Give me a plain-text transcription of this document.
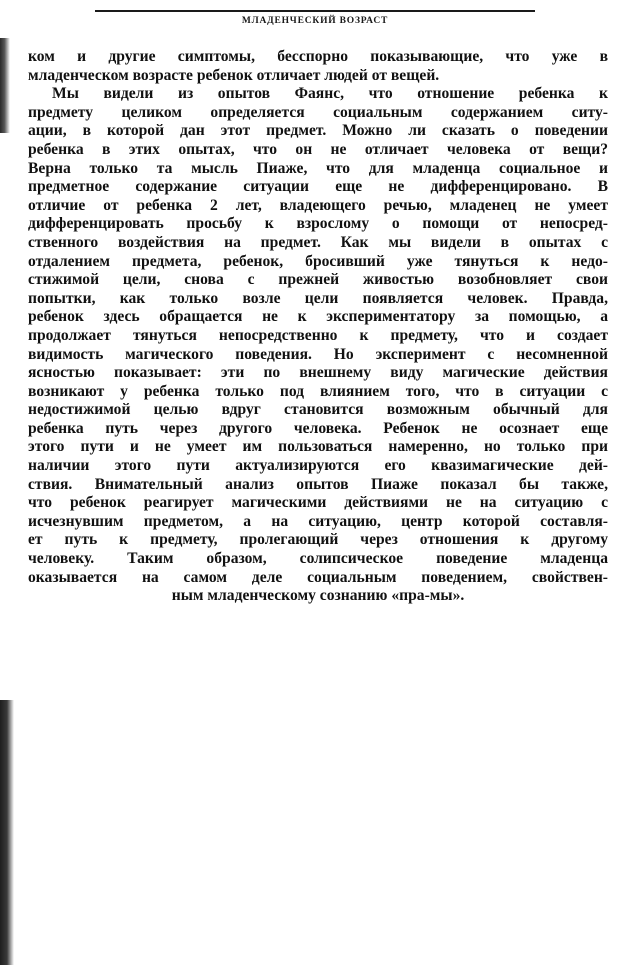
МЛАДЕНЧЕСКИЙ ВОЗРАСТ
ком и другие симптомы, бесспорно показывающие, что уже в
младенческом возрасте ребенок отличает людей от вещей.
Мы видели из опытов Фаянс, что отношение ребенка к
предмету целиком определяется социальным содержанием ситу-
ации, в которой дан этот предмет. Можно ли сказать о поведении
ребенка в этих опытах, что он не отличает человека от вещи?
Верна только та мысль Пиаже, что для младенца социальное и
предметное содержание ситуации еще не дифференцировано. В
отличие от ребенка 2 лет, владеющего речью, младенец не умеет
дифференцировать просьбу к взрослому о помощи от непосред-
ственного воздействия на предмет. Как мы видели в опытах с
отдалением предмета, ребенок, бросивший уже тянуться к недо-
стижимой цели, снова с прежней живостью возобновляет свои
попытки, как только возле цели появляется человек. Правда,
ребенок здесь обращается не к экспериментатору за помощью, а
продолжает тянуться непосредственно к предмету, что и создает
видимость магического поведения. Но эксперимент с несомненной
ясностью показывает: эти по внешнему виду магические действия
возникают у ребенка только под влиянием того, что в ситуации с
недостижимой целью вдруг становится возможным обычный для
ребенка путь через другого человека. Ребенок не осознает еще
этого пути и не умеет им пользоваться намеренно, но только при
наличии этого пути актуализируются его квазимагические дей-
ствия. Внимательный анализ опытов Пиаже показал бы также,
что ребенок реагирует магическими действиями не на ситуацию с
исчезнувшим предметом, а на ситуацию, центр которой составля-
ет путь к предмету, пролегающий через отношения к другому
человеку. Таким образом, солипсическое поведение младенца
оказывается на самом деле социальным поведением, свойствен-
ным младенческому сознанию «пра-мы».
